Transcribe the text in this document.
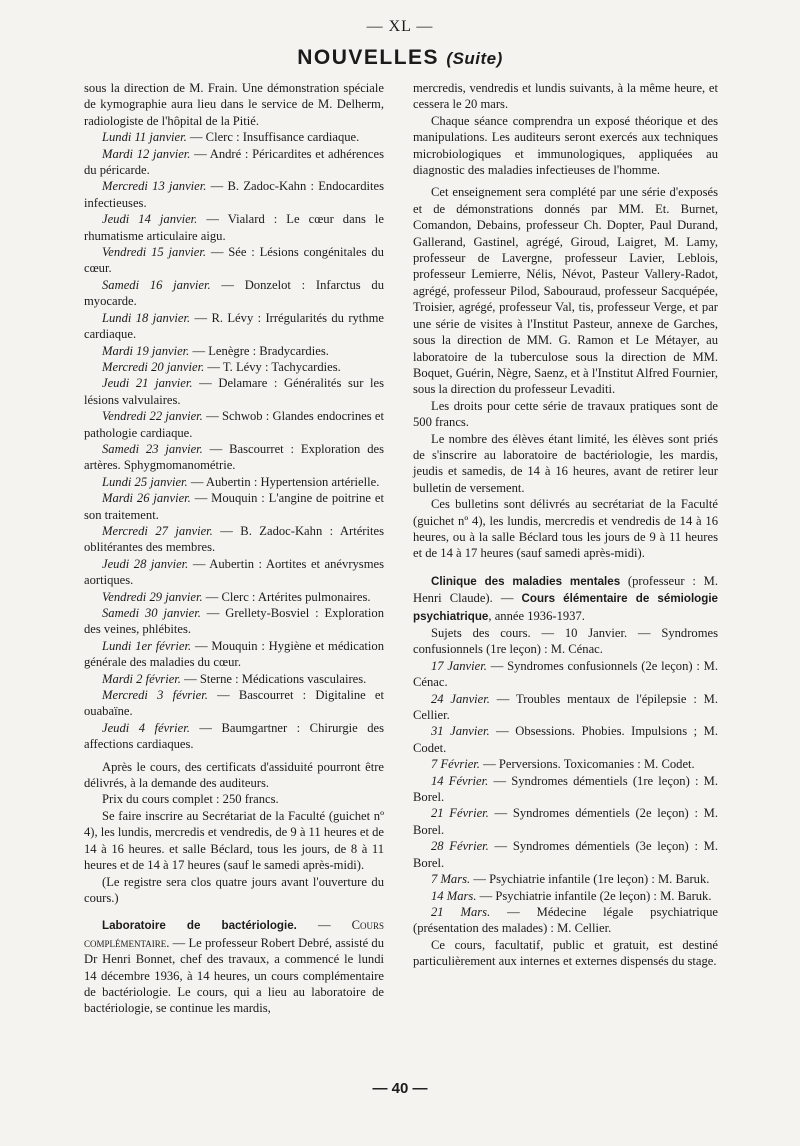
— XL —
NOUVELLES (Suite)

sous la direction de M. Frain. Une démonstration spéciale de kymographie aura lieu dans le service de M. Delherm, radiologiste de l'hôpital de la Pitié.

Lundi 11 janvier. — Clerc : Insuffisance cardiaque.

Mardi 12 janvier. — André : Péricardites et adhérences du péricarde.

Mercredi 13 janvier. — B. Zadoc-Kahn : Endocardites infectieuses.

Jeudi 14 janvier. — Vialard : Le cœur dans le rhumatisme articulaire aigu.

Vendredi 15 janvier. — Sée : Lésions congénitales du cœur.

Samedi 16 janvier. — Donzelot : Infarctus du myocarde.

Lundi 18 janvier. — R. Lévy : Irrégularités du rythme cardiaque.

Mardi 19 janvier. — Lenègre : Bradycardies.

Mercredi 20 janvier. — T. Lévy : Tachycardies.

Jeudi 21 janvier. — Delamare : Généralités sur les lésions valvulaires.

Vendredi 22 janvier. — Schwob : Glandes endocrines et pathologie cardiaque.

Samedi 23 janvier. — Bascourret : Exploration des artères. Sphygmomanométrie.

Lundi 25 janvier. — Aubertin : Hypertension artérielle.

Mardi 26 janvier. — Mouquin : L'angine de poitrine et son traitement.

Mercredi 27 janvier. — B. Zadoc-Kahn : Artérites oblitérantes des membres.

Jeudi 28 janvier. — Aubertin : Aortites et anévrysmes aortiques.

Vendredi 29 janvier. — Clerc : Artérites pulmonaires.

Samedi 30 janvier. — Grellety-Bosviel : Exploration des veines, phlébites.

Lundi 1er février. — Mouquin : Hygiène et médication générale des maladies du cœur.

Mardi 2 février. — Sterne : Médications vasculaires.

Mercredi 3 février. — Bascourret : Digitaline et ouabaïne.

Jeudi 4 février. — Baumgartner : Chirurgie des affections cardiaques.

Après le cours, des certificats d'assiduité pourront être délivrés, à la demande des auditeurs.

Prix du cours complet : 250 francs.

Se faire inscrire au Secrétariat de la Faculté (guichet nº 4), les lundis, mercredis et vendredis, de 9 à 11 heures et de 14 à 16 heures. et salle Béclard, tous les jours, de 8 à 11 heures et de 14 à 17 heures (sauf le samedi après-midi).

(Le registre sera clos quatre jours avant l'ouverture du cours.)

Laboratoire de bactériologie. — Cours complémentaire. — Le professeur Robert Debré, assisté du Dr Henri Bonnet, chef des travaux, a commencé le lundi 14 décembre 1936, à 14 heures, un cours complémentaire de bactériologie. Le cours, qui a lieu au laboratoire de bactériologie, se continue les mardis,

mercredis, vendredis et lundis suivants, à la même heure, et cessera le 20 mars.

Chaque séance comprendra un exposé théorique et des manipulations. Les auditeurs seront exercés aux techniques microbiologiques et immunologiques, appliquées au diagnostic des maladies infectieuses de l'homme.

Cet enseignement sera complété par une série d'exposés et de démonstrations donnés par MM. Et. Burnet, Comandon, Debains, professeur Ch. Dopter, Paul Durand, Gallerand, Gastinel, agrégé, Giroud, Laigret, M. Lamy, professeur de Lavergne, professeur Lavier, Leblois, professeur Lemierre, Nélis, Névot, Pasteur Vallery-Radot, agrégé, professeur Pilod, Sabouraud, professeur Sacquépée, Troisier, agrégé, professeur Val, tis, professeur Verge, et par une série de visites à l'Institut Pasteur, annexe de Garches, sous la direction de MM. G. Ramon et Le Métayer, au laboratoire de la tuberculose sous la direction de MM. Boquet, Guérin, Nègre, Saenz, et à l'Institut Alfred Fournier, sous la direction du professeur Levaditi.

Les droits pour cette série de travaux pratiques sont de 500 francs.

Le nombre des élèves étant limité, les élèves sont priés de s'inscrire au laboratoire de bactériologie, les mardis, jeudis et samedis, de 14 à 16 heures, avant de retirer leur bulletin de versement.

Ces bulletins sont délivrés au secrétariat de la Faculté (guichet nº 4), les lundis, mercredis et vendredis de 14 à 16 heures, ou à la salle Béclard tous les jours de 9 à 11 heures et de 14 à 17 heures (sauf samedi après-midi).

Clinique des maladies mentales (professeur : M. Henri Claude). — Cours élémentaire de sémiologie psychiatrique, année 1936-1937.

Sujets des cours. — 10 Janvier. — Syndromes confusionnels (1re leçon) : M. Cénac.

17 Janvier. — Syndromes confusionnels (2e leçon) : M. Cénac.

24 Janvier. — Troubles mentaux de l'épilepsie : M. Cellier.

31 Janvier. — Obsessions. Phobies. Impulsions ; M. Codet.

7 Février. — Perversions. Toxicomanies : M. Codet.

14 Février. — Syndromes démentiels (1re leçon) : M. Borel.

21 Février. — Syndromes démentiels (2e leçon) : M. Borel.

28 Février. — Syndromes démentiels (3e leçon) : M. Borel.

7 Mars. — Psychiatrie infantile (1re leçon) : M. Baruk.

14 Mars. — Psychiatrie infantile (2e leçon) : M. Baruk.

21 Mars. — Médecine légale psychiatrique (présentation des malades) : M. Cellier.

Ce cours, facultatif, public et gratuit, est destiné particulièrement aux internes et externes dispensés du stage.

— 40 —
